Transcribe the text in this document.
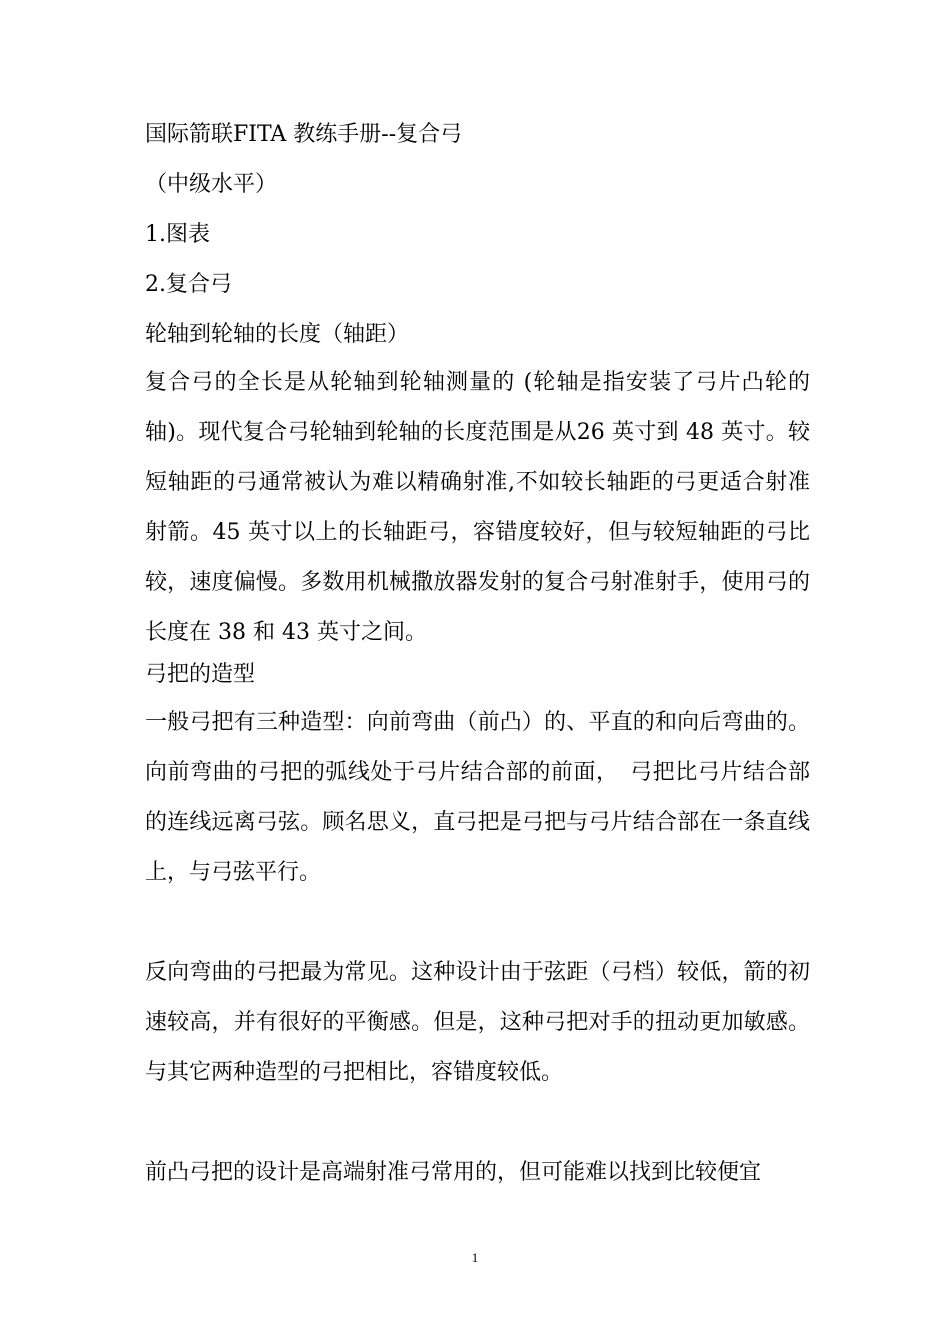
国际箭联FITA 教练手册--复合弓
（中级水平）
1.图表
2.复合弓
轮轴到轮轴的长度（轴距）
复合弓的全长是从轮轴到轮轴测量的 (轮轴是指安装了弓片凸轮的轴)。现代复合弓轮轴到轮轴的长度范围是从26 英寸到 48 英寸。较短轴距的弓通常被认为难以精确射准,不如较长轴距的弓更适合射准射箭。45 英寸以上的长轴距弓，容错度较好，但与较短轴距的弓比较，速度偏慢。多数用机械撒放器发射的复合弓射准射手，使用弓的长度在 38 和 43 英寸之间。
弓把的造型
一般弓把有三种造型：向前弯曲（前凸）的、平直的和向后弯曲的。向前弯曲的弓把的弧线处于弓片结合部的前面，　弓把比弓片结合部的连线远离弓弦。顾名思义，直弓把是弓把与弓片结合部在一条直线上，与弓弦平行。
反向弯曲的弓把最为常见。这种设计由于弦距（弓档）较低，箭的初速较高，并有很好的平衡感。但是，这种弓把对手的扭动更加敏感。与其它两种造型的弓把相比，容错度较低。
前凸弓把的设计是高端射准弓常用的，但可能难以找到比较便宜
1
